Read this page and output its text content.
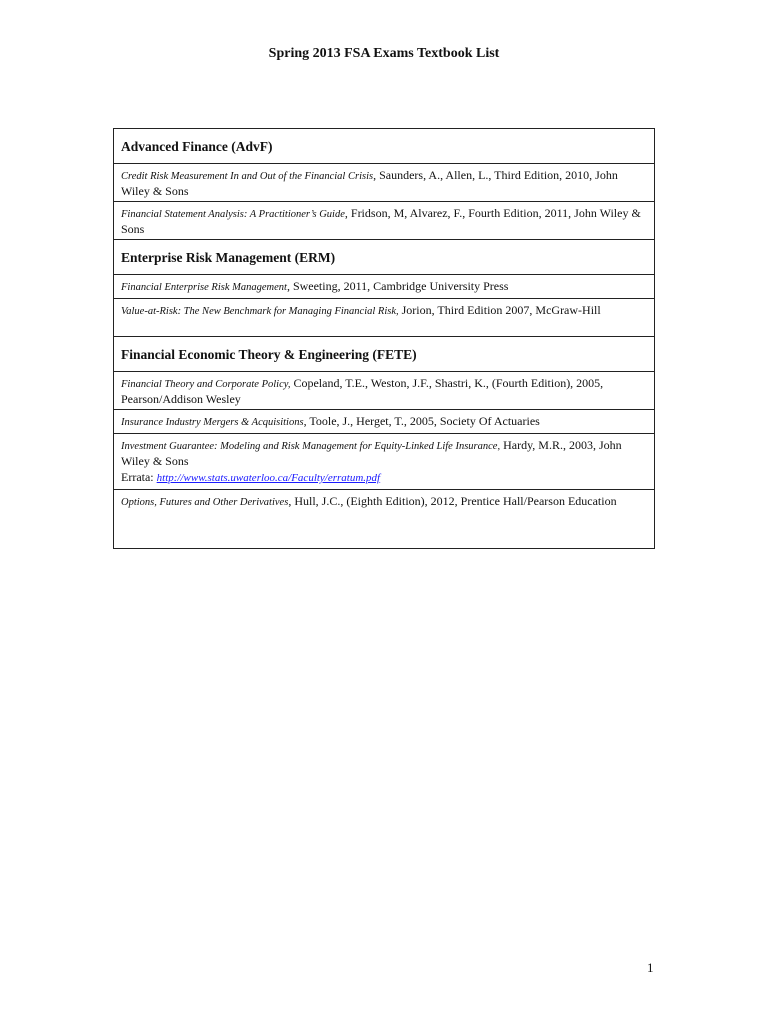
Spring 2013 FSA Exams Textbook List
Advanced Finance (AdvF)
Credit Risk Measurement In and Out of the Financial Crisis, Saunders, A., Allen, L., Third Edition, 2010, John Wiley & Sons
Financial Statement Analysis: A Practitioner’s Guide, Fridson, M, Alvarez, F., Fourth Edition, 2011, John Wiley & Sons
Enterprise Risk Management (ERM)
Financial Enterprise Risk Management, Sweeting, 2011, Cambridge University Press
Value-at-Risk: The New Benchmark for Managing Financial Risk, Jorion, Third Edition 2007, McGraw-Hill
Financial Economic Theory & Engineering (FETE)
Financial Theory and Corporate Policy, Copeland, T.E., Weston, J.F., Shastri, K., (Fourth Edition), 2005, Pearson/Addison Wesley
Insurance Industry Mergers & Acquisitions, Toole, J., Herget, T., 2005, Society Of Actuaries
Investment Guarantee: Modeling and Risk Management for Equity-Linked Life Insurance, Hardy, M.R., 2003, John Wiley & Sons
Errata: http://www.stats.uwaterloo.ca/Faculty/erratum.pdf
Options, Futures and Other Derivatives, Hull, J.C., (Eighth Edition), 2012, Prentice Hall/Pearson Education
1
